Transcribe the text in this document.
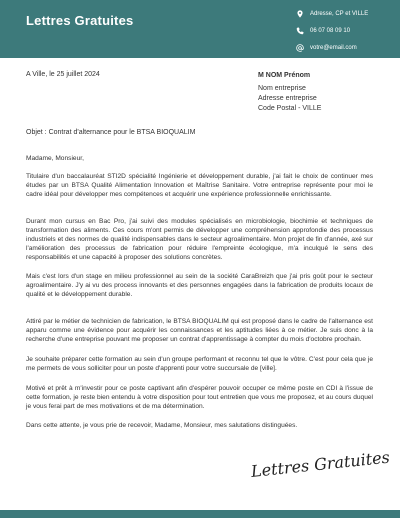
Lettres Gratuites	Adresse, CP et VILLE
06 07 08 09 10
votre@email.com
A Ville, le 25 juillet 2024	M NOM Prénom
Nom entreprise
Adresse entreprise
Code Postal - VILLE
Objet : Contrat d'alternance pour le BTSA BIOQUALIM

Madame, Monsieur,

Titulaire d'un baccalauréat STI2D spécialité Ingénierie et développement durable, j'ai fait le choix de continuer mes études par un BTSA Qualité Alimentation Innovation et Maîtrise Sanitaire. Votre entreprise représente pour moi le cadre idéal pour développer mes compétences et acquérir une expérience professionnelle enrichissante.

Durant mon cursus en Bac Pro, j'ai suivi des modules spécialisés en microbiologie, biochimie et techniques de transformation des aliments. Ces cours m'ont permis de développer une compréhension approfondie des processus industriels et des normes de qualité indispensables dans le secteur agroalimentaire. Mon projet de fin d'année, axé sur l'amélioration des processus de fabrication pour réduire l'empreinte écologique, m'a inculqué le sens des responsabilités et une capacité à proposer des solutions concrètes.

Mais c'est lors d'un stage en milieu professionnel au sein de la société CaraBreizh que j'ai pris goût pour le secteur agroalimentaire. J'y ai vu des process innovants et des personnes engagées dans la fabrication de produits locaux de qualité et le développement durable.

Attiré par le métier de technicien de fabrication, le BTSA BIOQUALIM qui est proposé dans le cadre de l'alternance est apparu comme une évidence pour acquérir les connaissances et les aptitudes liées à ce métier. Je suis donc à la recherche d'une entreprise pouvant me proposer un contrat d'apprentissage à compter du mois d'octobre prochain.

Je souhaite préparer cette formation au sein d'un groupe performant et reconnu tel que le vôtre. C'est pour cela que je me permets de vous solliciter pour un poste d'apprenti pour votre succursale de [ville].

Motivé et prêt à m'investir pour ce poste captivant afin d'espérer pouvoir occuper ce même poste en CDI à l'issue de cette formation, je reste bien entendu à votre disposition pour tout entretien que vous me proposez, et au cours duquel je vous ferai part de mes motivations et de ma détermination.

Dans cette attente, je vous prie de recevoir, Madame, Monsieur, mes salutations distinguées.

Lettres Gratuites
